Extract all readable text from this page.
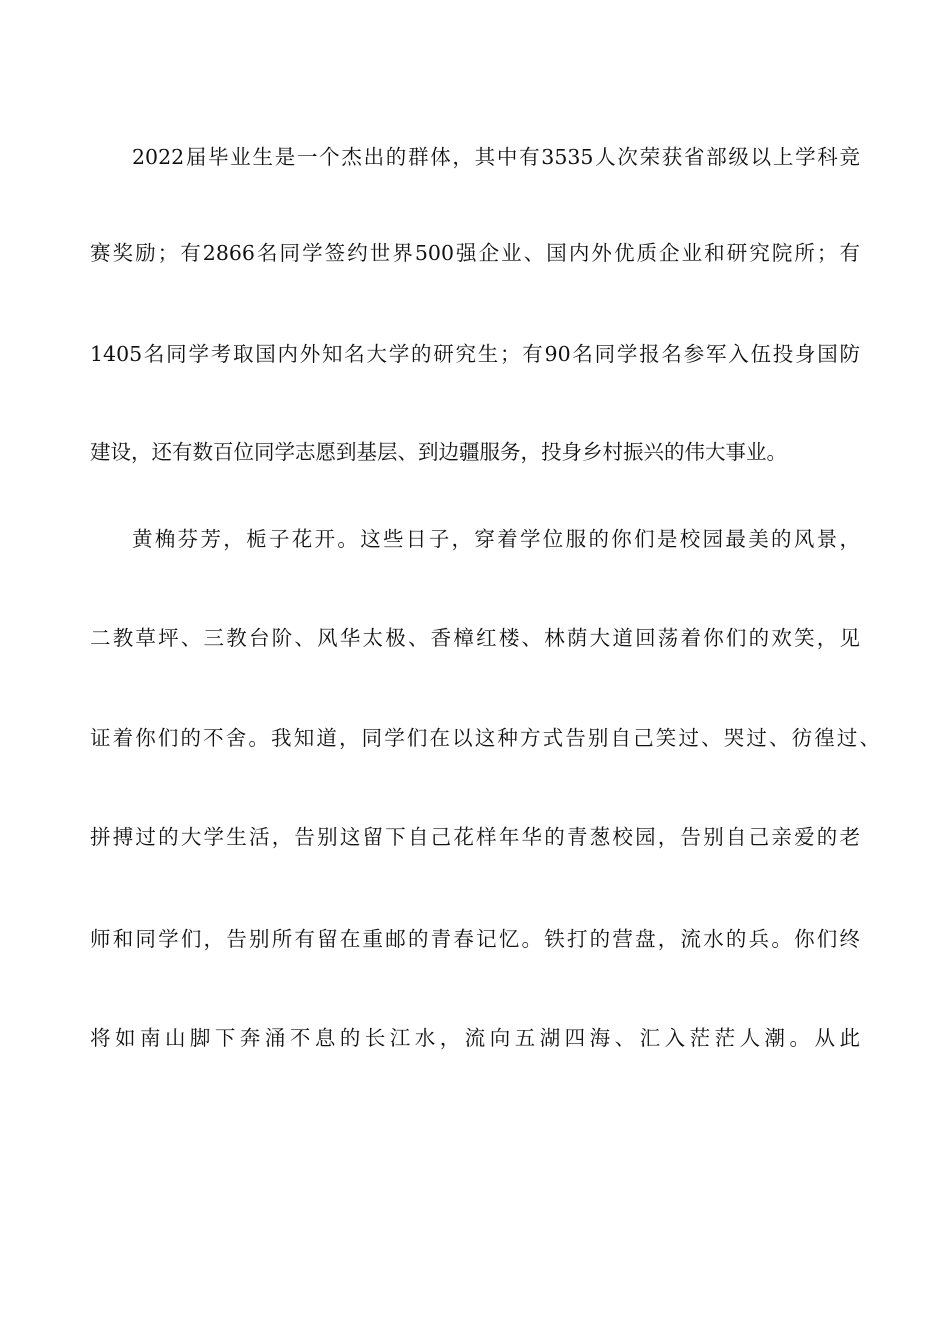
2022届毕业生是一个杰出的群体，其中有3535人次荣获省部级以上学科竞
赛奖励；有2866名同学签约世界500强企业、国内外优质企业和研究院所；有
1405名同学考取国内外知名大学的研究生；有90名同学报名参军入伍投身国防
建设，还有数百位同学志愿到基层、到边疆服务，投身乡村振兴的伟大事业。
黄桷芬芳，栀子花开。这些日子，穿着学位服的你们是校园最美的风景，
二教草坪、三教台阶、风华太极、香樟红楼、林荫大道回荡着你们的欢笑，见
证着你们的不舍。我知道，同学们在以这种方式告别自己笑过、哭过、彷徨过、
拼搏过的大学生活，告别这留下自己花样年华的青葱校园，告别自己亲爱的老
师和同学们，告别所有留在重邮的青春记忆。铁打的营盘，流水的兵。你们终
将如南山脚下奔涌不息的长江水，流向五湖四海、汇入茫茫人潮。从此
